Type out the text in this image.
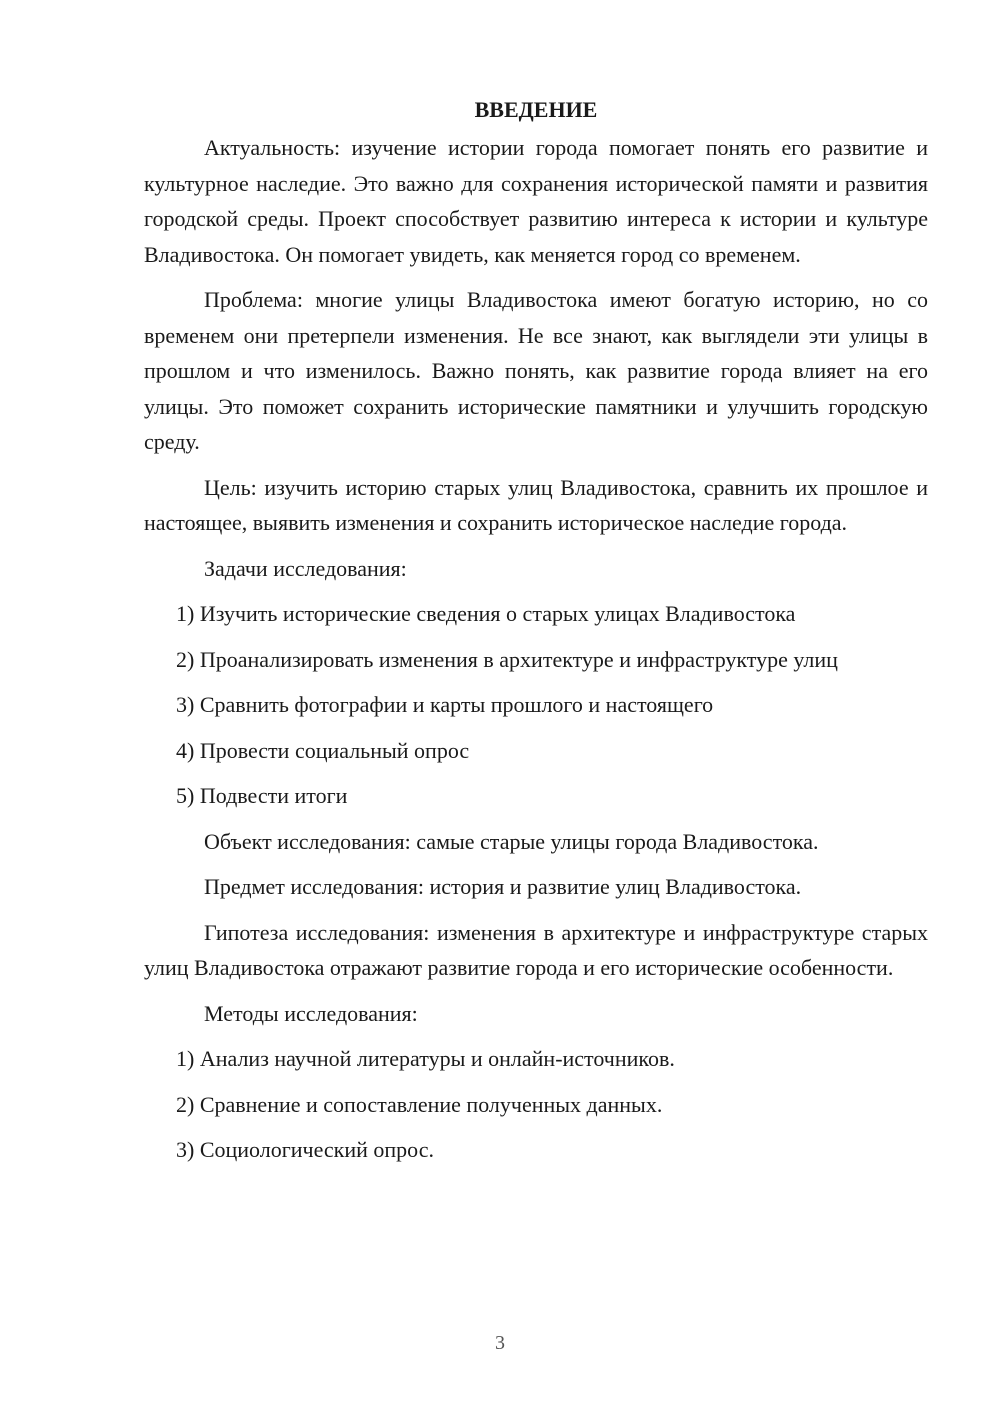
ВВЕДЕНИЕ

Актуальность: изучение истории города помогает понять его развитие и культурное наследие. Это важно для сохранения исторической памяти и развития городской среды. Проект способствует развитию интереса к истории и культуре Владивостока. Он помогает увидеть, как меняется город со временем.

Проблема: многие улицы Владивостока имеют богатую историю, но со временем они претерпели изменения. Не все знают, как выглядели эти улицы в прошлом и что изменилось. Важно понять, как развитие города влияет на его улицы. Это поможет сохранить исторические памятники и улучшить городскую среду.

Цель: изучить историю старых улиц Владивостока, сравнить их прошлое и настоящее, выявить изменения и сохранить историческое наследие города.

Задачи исследования:
1) Изучить исторические сведения о старых улицах Владивостока
2) Проанализировать изменения в архитектуре и инфраструктуре улиц
3) Сравнить фотографии и карты прошлого и настоящего
4) Провести социальный опрос
5) Подвести итоги
Объект исследования: самые старые улицы города Владивостока.
Предмет исследования: история и развитие улиц Владивостока.

Гипотеза исследования: изменения в архитектуре и инфраструктуре старых улиц Владивостока отражают развитие города и его исторические особенности.

Методы исследования:
1) Анализ научной литературы и онлайн-источников.
2) Сравнение и сопоставление полученных данных.
3) Социологический опрос.
3
